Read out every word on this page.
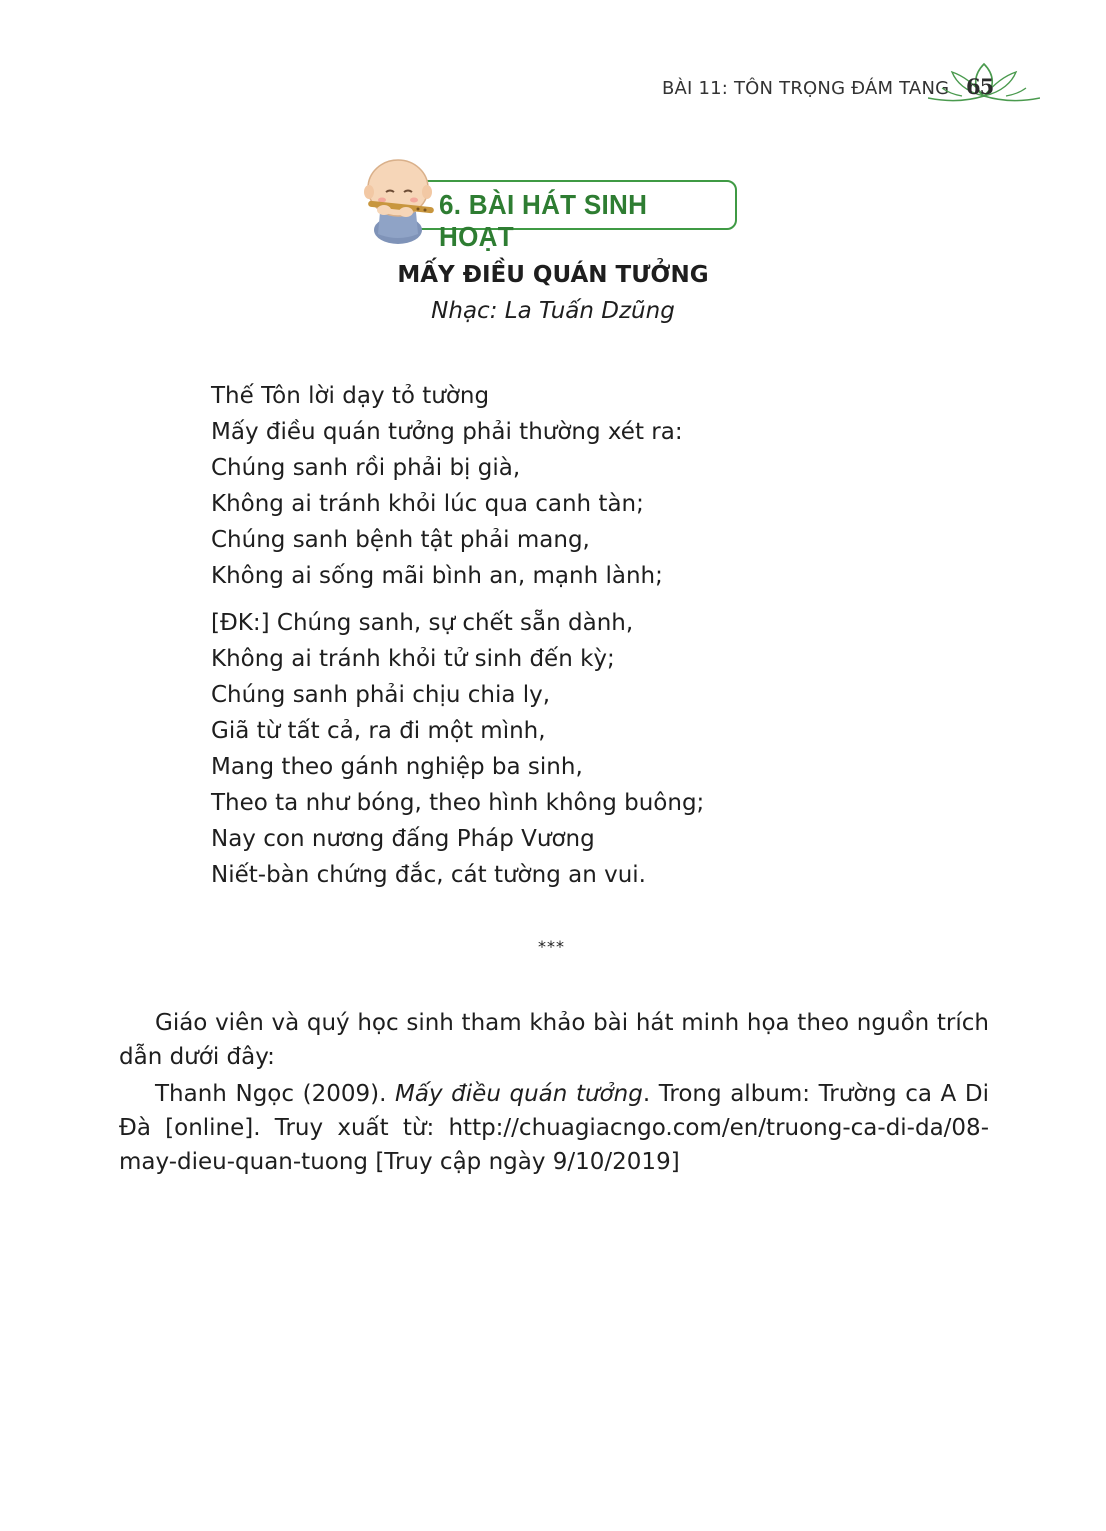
BÀI 11: TÔN TRỌNG ĐÁM TANG 65
6. BÀI HÁT SINH HOẠT
MẤY ĐIỀU QUÁN TƯỞNG
Nhạc: La Tuấn Dzũng
Thế Tôn lời dạy tỏ tường
Mấy điều quán tưởng phải thường xét ra:
Chúng sanh rồi phải bị già,
Không ai tránh khỏi lúc qua canh tàn;
Chúng sanh bệnh tật phải mang,
Không ai sống mãi bình an, mạnh lành;
[ĐK:] Chúng sanh, sự chết sẵn dành,
Không ai tránh khỏi tử sinh đến kỳ;
Chúng sanh phải chịu chia ly,
Giã từ tất cả, ra đi một mình,
Mang theo gánh nghiệp ba sinh,
Theo ta như bóng, theo hình không buông;
Nay con nương đấng Pháp Vương
Niết-bàn chứng đắc, cát tường an vui.
***

Giáo viên và quý học sinh tham khảo bài hát minh họa theo nguồn trích dẫn dưới đây:

Thanh Ngọc (2009). Mấy điều quán tưởng. Trong album: Trường ca A Di Đà [online]. Truy xuất từ: http://chuagiacngo.com/en/truong-ca-di-da/08-may-dieu-quan-tuong [Truy cập ngày 9/10/2019]
